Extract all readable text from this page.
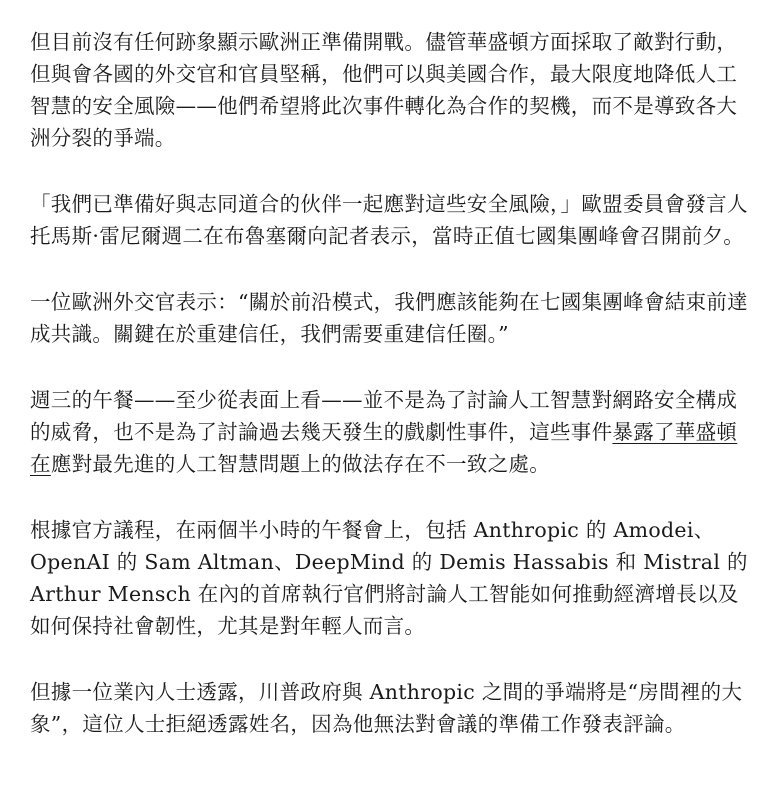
但目前沒有任何跡象顯示歐洲正準備開戰。儘管華盛頓方面採取了敵對行動，但與會各國的外交官和官員堅稱，他們可以與美國合作，最大限度地降低人工智慧的安全風險——他們希望將此次事件轉化為合作的契機，而不是導致各大洲分裂的爭端。

「我們已準備好與志同道合的伙伴一起應對這些安全風險，」歐盟委員會發言人托馬斯·雷尼爾週二在布魯塞爾向記者表示，當時正值七國集團峰會召開前夕。

一位歐洲外交官表示：“關於前沿模式，我們應該能夠在七國集團峰會結束前達成共識。關鍵在於重建信任，我們需要重建信任圈。”

週三的午餐——至少從表面上看——並不是為了討論人工智慧對網路安全構成的威脅，也不是為了討論過去幾天發生的戲劇性事件，這些事件暴露了華盛頓在應對最先進的人工智慧問題上的做法存在不一致之處。

根據官方議程，在兩個半小時的午餐會上，包括 Anthropic 的 Amodei、OpenAI 的 Sam Altman、DeepMind 的 Demis Hassabis 和 Mistral 的 Arthur Mensch 在內的首席執行官們將討論人工智能如何推動經濟增長以及如何保持社會韌性，尤其是對年輕人而言。

但據一位業內人士透露，川普政府與 Anthropic 之間的爭端將是“房間裡的大象”，這位人士拒絕透露姓名，因為他無法對會議的準備工作發表評論。
